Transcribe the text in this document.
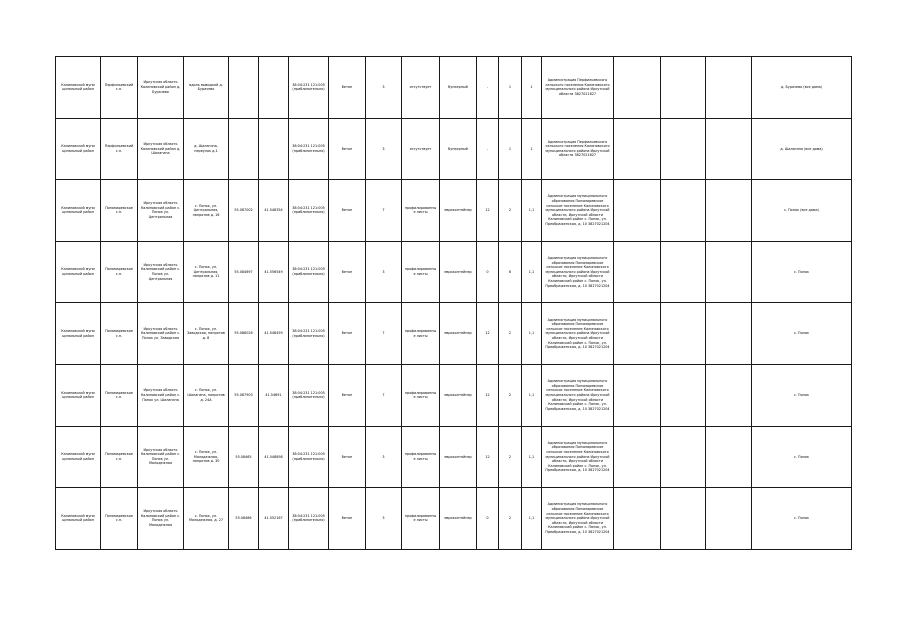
Калиновский муни ципальный район	Перфильевский с.п.	Иркутская область Калиновский район д. Бурачево	вдоль выводкой д. Бурачево			38:04:231 121:005 (приблизительно)	бетон	3	отсутствует	бункерный	-	1	1	Администрация Перфильевского сельского поселения Калиновского муниципального района Иркутской области 3827021827				д. Бурачево (все дома)
Калиновский муни ципальный район	Перфильевский с.п.	Иркутская область Калиновский район д. Шалагина	д. Шалагина, переулок д.1			38:04:231 121:005 (приблизительно)	бетон	3	отсутствует	бункерный	-	1	1	Администрация Перфильевского сельского поселения Калиновского муниципального района Иркутской области 3827021827				д. Шалагина (все дома)
Калиновский муни ципальный район	Пономаревское с.п.	Иркутская область Калиновский район с. Понок ул. Центральная	с. Понок, ул. Центральная, напротив д. 16	55.087002	41.548354	38:04:231 121:005 (приблизительно)	бетон	7	профилированные листы	евроконтейнер	12	2	1,1	Администрация муниципального образования Пономаревское сельское поселение Калиновского муниципального района Иркутской области, Иркутской области Калиновский район с. Понок, ул. Преображенская, д. 10 3827021204				с. Понок (все дома)
Калиновский муни ципальный район	Пономаревское с.п.	Иркутская область Калиновский район с. Понок ул. Центральная	с. Понок, ул. Центральная, напротив д. 11	55.084697	41.556549	38:04:231 121:005 (приблизительно)	бетон	3	профилированные листы	евроконтейнер	0	6	1,1	Администрация муниципального образования Пономаревское сельское поселение Калиновского муниципального района Иркутской области, Иркутской области Калиновский район с. Понок, ул. Преображенская, д. 10 3827021204				с. Понок
Калиновский муни ципальный район	Пономаревское с.п.	Иркутская область Калиновский район с. Понок ул. Заводская	с. Понок, ул. Заводская, напротив д. 8	55.088028	41.548459	38:04:231 121:005 (приблизительно)	бетон	7	профилированные листы	евроконтейнер	12	2	1,1	Администрация муниципального образования Пономаревское сельское поселение Калиновского муниципального района Иркутской области, Иркутской области Калиновский район с. Понок, ул. Преображенская, д. 10 3827021204				с. Понок
Калиновский муни ципальный район	Пономаревское с.п.	Иркутская область Калиновский район с. Понок ул. Шалагина	с. Понок, ул. Шалагина, напротив д. 24А	55.087903	41.54891	38:04:231 121:005 (приблизительно)	бетон	7	профилированные листы	евроконтейнер	12	2	1,1	Администрация муниципального образования Пономаревское сельское поселение Калиновского муниципального района Иркутской области, Иркутской области Калиновский район с. Понок, ул. Преображенская, д. 10 3827021204				с. Понок
Калиновский муни ципальный район	Пономаревское с.п.	Иркутская область Калиновский район с. Понок ул. Молодежная	с. Понок, ул. Молодежная, напротив д. 30	55.08465	41.548898	38:04:231 121:005 (приблизительно)	бетон	3	профилированные листы	евроконтейнер	12	2	1,1	Администрация муниципального образования Пономаревское сельское поселение Калиновского муниципального района Иркутской области, Иркутской области Калиновский район с. Понок, ул. Преображенская, д. 10 3827021204				с. Понок
Калиновский муни ципальный район	Пономаревское с.п.	Иркутская область Калиновский район с. Понок ул. Молодежная	с. Понок, ул. Молодежная, д. 27	55.08466	41.552167	38:04:231 121:005 (приблизительно)	бетон	3	профилированные листы	евроконтейнер	0	2	1,1	Администрация муниципального образования Пономаревское сельское поселение Калиновского муниципального района Иркутской области, Иркутской области Калиновский район с. Понок, ул. Преображенская, д. 10 3827021204				с. Понок
